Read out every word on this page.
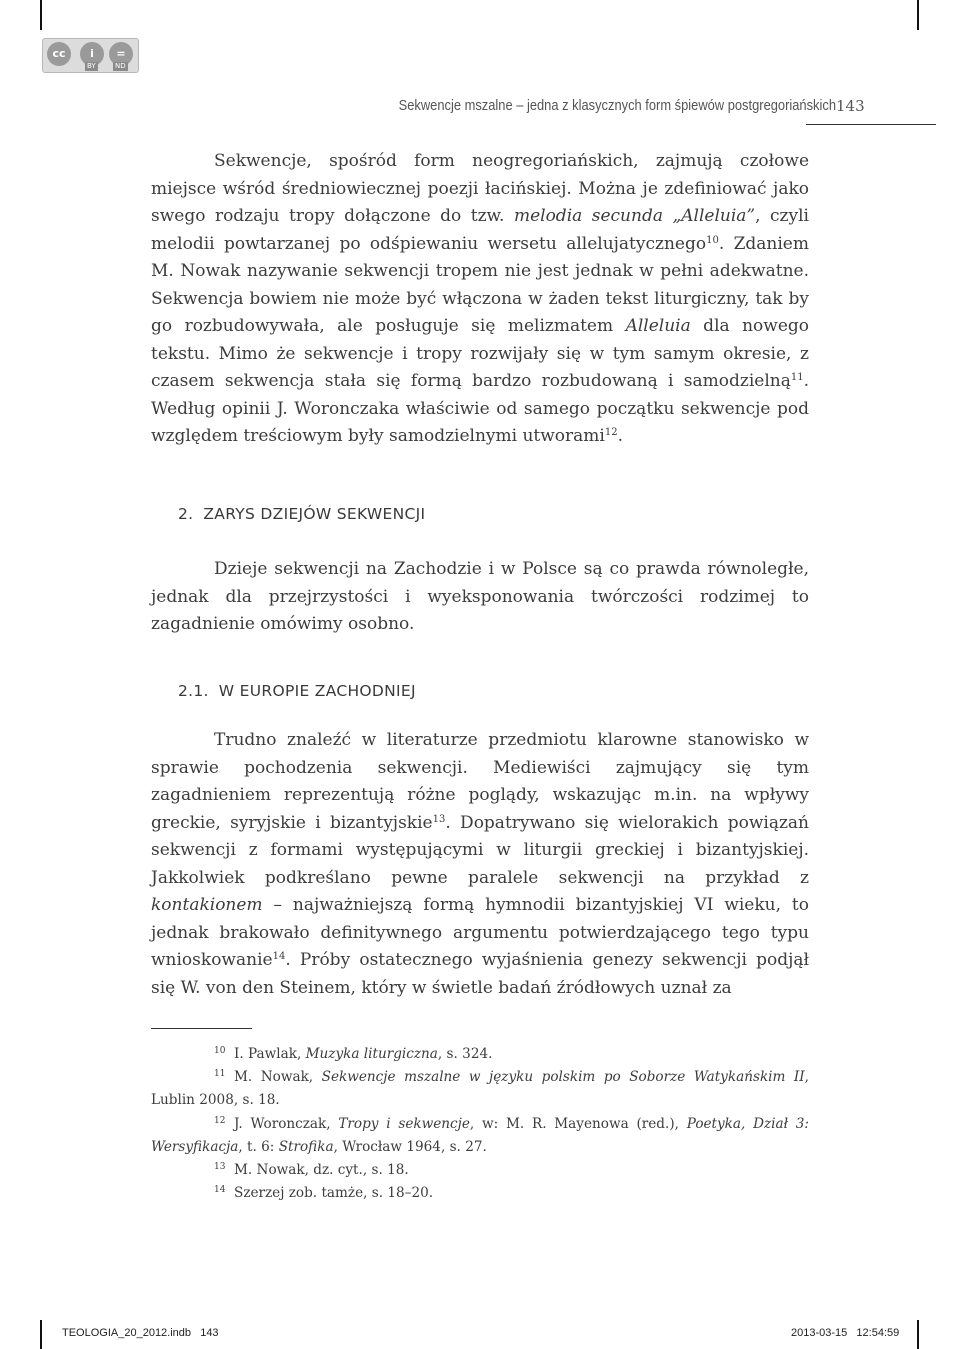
cc	i	=
BY	ND
Sekwencje mszalne – jedna z klasycznych form śpiewów postgregoriańskich 143

Sekwencje, spośród form neogregoriańskich, zajmują czołowe miejsce wśród średniowiecznej poezji łacińskiej. Można je zdefiniować jako swego rodzaju tropy dołączone do tzw. melodia secunda „Alleluia”, czyli melodii powtarzanej po odśpiewaniu wersetu allelujatycznego$^{10}$. Zdaniem M. Nowak nazywanie sekwencji tropem nie jest jednak w pełni adekwatne. Sekwencja bowiem nie może być włączona w żaden tekst liturgiczny, tak by go rozbudowywała, ale posługuje się melizmatem Alleluia dla nowego tekstu. Mimo że sekwencje i tropy rozwijały się w tym samym okresie, z czasem sekwencja stała się formą bardzo rozbudowaną i samodzielną$^{11}$. Według opinii J. Woronczaka właściwie od samego początku sekwencje pod względem treściowym były samodzielnymi utworami$^{12}$.

2. ZARYS DZIEJÓW SEKWENCJI

Dzieje sekwencji na Zachodzie i w Polsce są co prawda równoległe, jednak dla przejrzystości i wyeksponowania twórczości rodzimej to zagadnienie omówimy osobno.

2.1. W EUROPIE ZACHODNIEJ

Trudno znaleźć w literaturze przedmiotu klarowne stanowisko w sprawie pochodzenia sekwencji. Mediewiści zajmujący się tym zagadnieniem reprezentują różne poglądy, wskazując m.in. na wpływy greckie, syryjskie i bizantyjskie$^{13}$. Dopatrywano się wielorakich powiązań sekwencji z formami występującymi w liturgii greckiej i bizantyjskiej. Jakkolwiek podkreślano pewne paralele sekwencji na przykład z kontakionem – najważniejszą formą hymnodii bizantyjskiej VI wieku, to jednak brakowało definitywnego argumentu potwierdzającego tego typu wnioskowanie$^{14}$. Próby ostatecznego wyjaśnienia genezy sekwencji podjął się W. von den Steinem, który w świetle badań źródłowych uznał za

10 I. Pawlak, Muzyka liturgiczna, s. 324.

11 M. Nowak, Sekwencje mszalne w języku polskim po Soborze Watykańskim II, Lublin 2008, s. 18.

12 J. Woronczak, Tropy i sekwencje, w: M. R. Mayenowa (red.), Poetyka, Dział 3: Wersyfikacja, t. 6: Strofika, Wrocław 1964, s. 27.

13 M. Nowak, dz. cyt., s. 18.

14 Szerzej zob. tamże, s. 18–20.

TEOLOGIA_20_2012.indb   143	2013-03-15   12:54:59
